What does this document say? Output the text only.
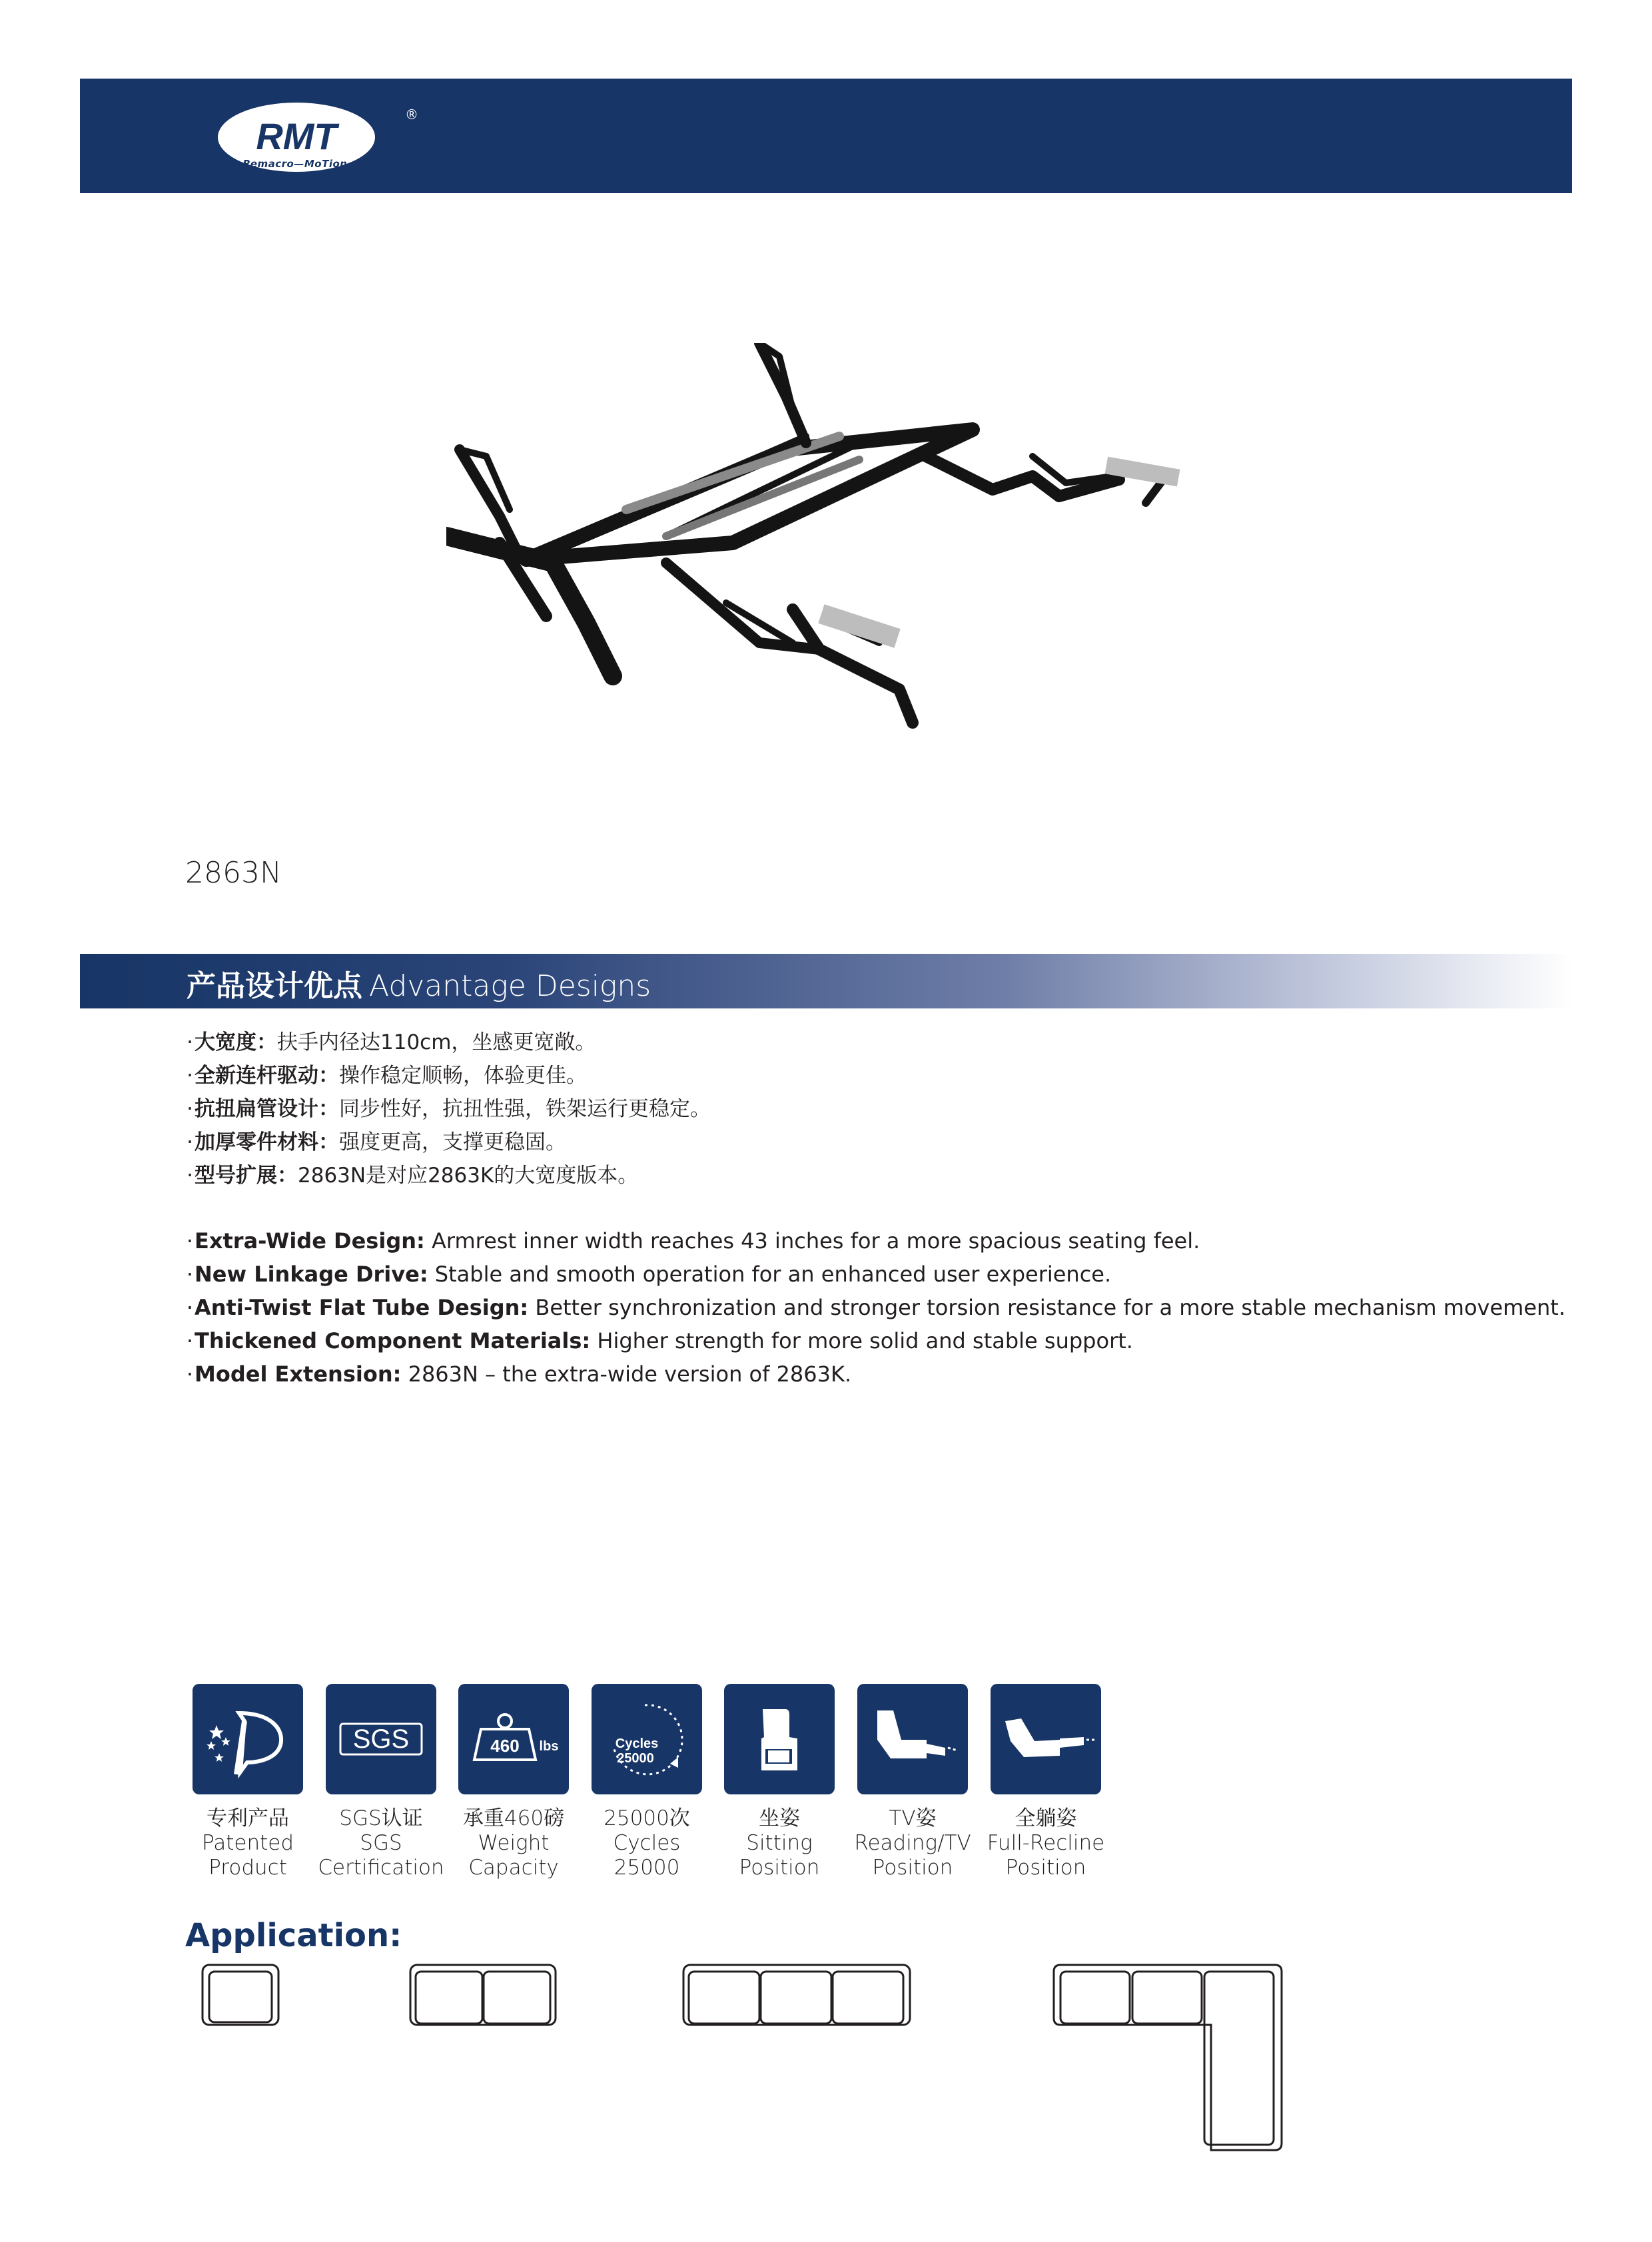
RMT
Remacro—MoTion
®
2863N
产品设计优点 Advantage Designs
·大宽度：扶手内径达110cm，坐感更宽敞。
·全新连杆驱动：操作稳定顺畅，体验更佳。
·抗扭扁管设计：同步性好，抗扭性强，铁架运行更稳定。
·加厚零件材料：强度更高，支撑更稳固。
·型号扩展：2863N是对应2863K的大宽度版本。
·Extra-Wide Design: Armrest inner width reaches 43 inches for a more spacious seating feel.
·New Linkage Drive: Stable and smooth operation for an enhanced user experience.
·Anti-Twist Flat Tube Design: Better synchronization and stronger torsion resistance for a more stable mechanism movement.
·Thickened Component Materials: Higher strength for more solid and stable support.
·Model Extension: 2863N – the extra-wide version of 2863K.
专利产品
Patented
Product
SGS
SGS认证
SGS
Certification
460 lbs
承重460磅
Weight
Capacity
Cycles
25000
25000次
Cycles
25000
坐姿
Sitting
Position
TV姿
Reading/TV
Position
全躺姿
Full-Recline
Position
Application:
